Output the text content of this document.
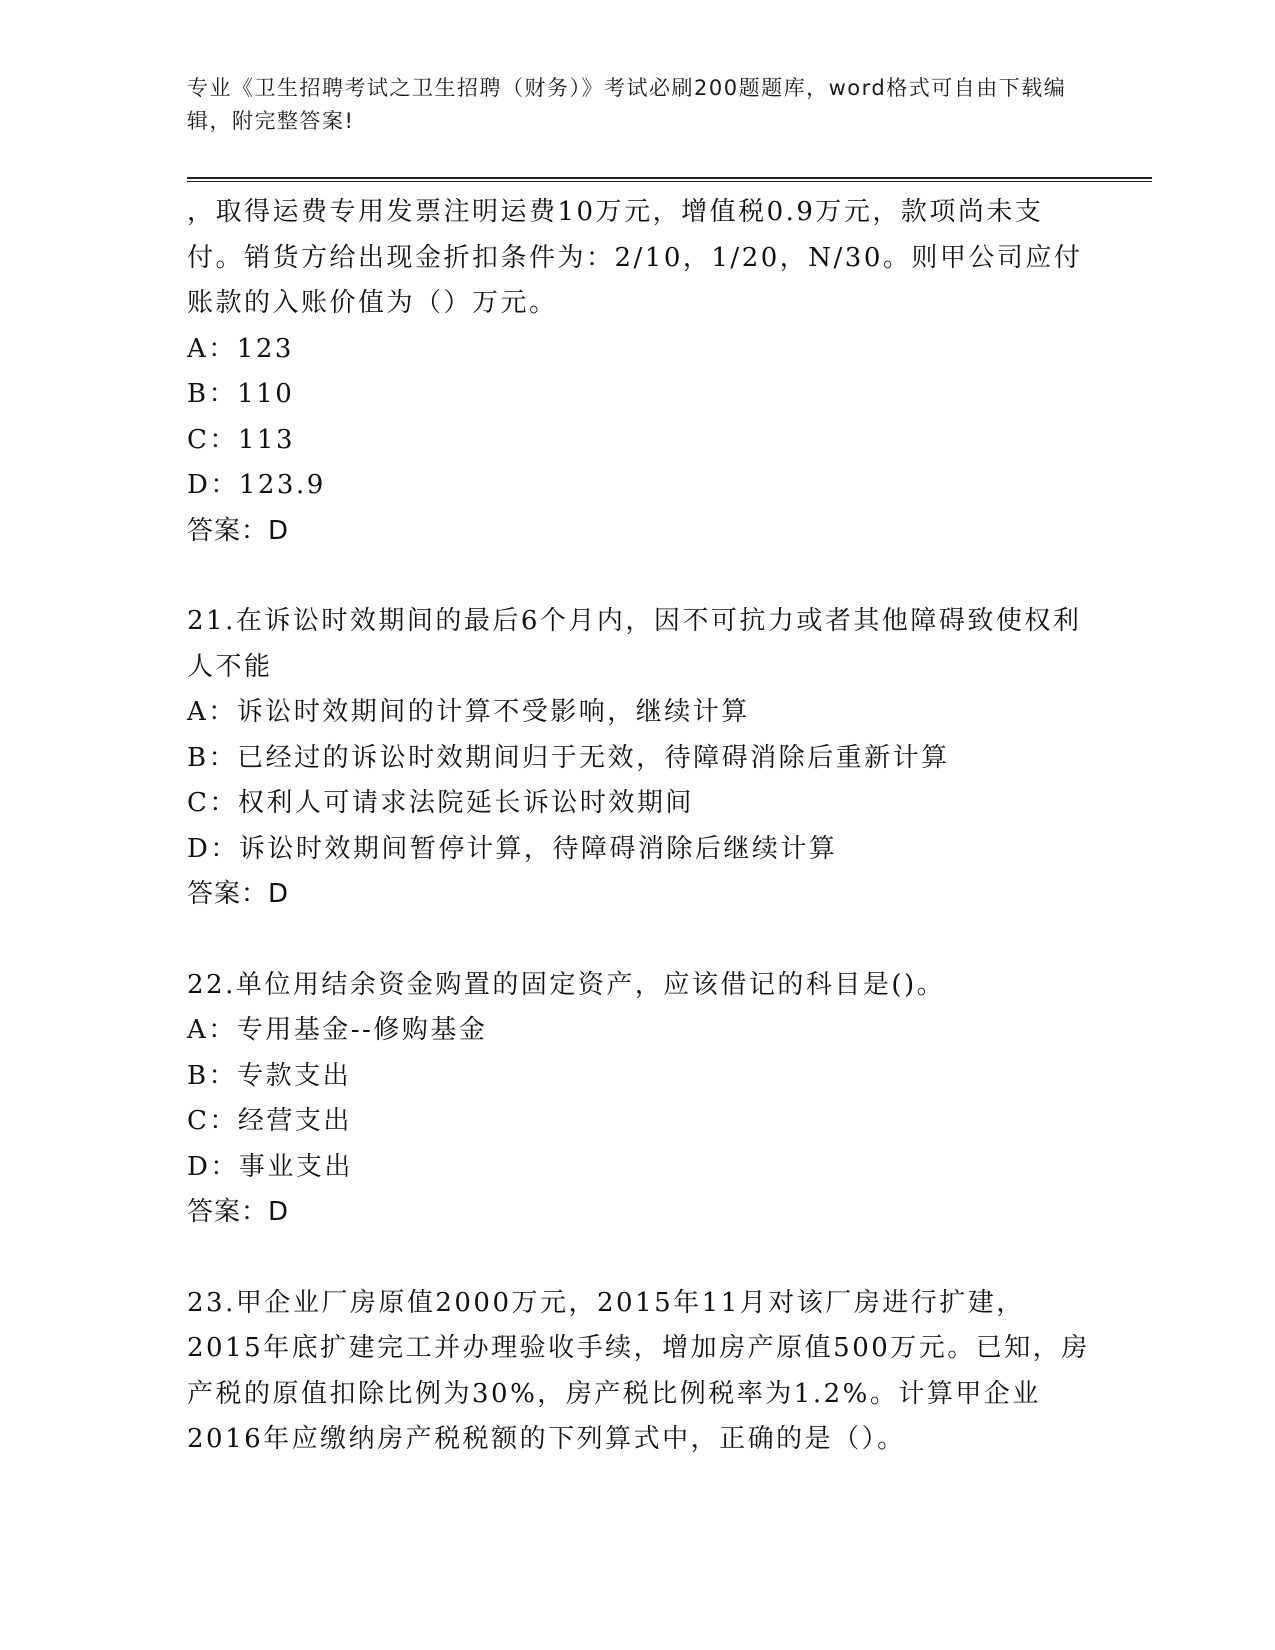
专业《卫生招聘考试之卫生招聘（财务）》考试必刷200题题库，word格式可自由下载编辑，附完整答案!

，取得运费专用发票注明运费10万元，增值税0.9万元，款项尚未支付。销货方给出现金折扣条件为：2/10，1/20，N/30。则甲公司应付账款的入账价值为（）万元。

A：123

B：110

C：113

D：123.9

答案：D

21.在诉讼时效期间的最后6个月内，因不可抗力或者其他障碍致使权利人不能

A：诉讼时效期间的计算不受影响，继续计算

B：已经过的诉讼时效期间归于无效，待障碍消除后重新计算

C：权利人可请求法院延长诉讼时效期间

D：诉讼时效期间暂停计算，待障碍消除后继续计算

答案：D

22.单位用结余资金购置的固定资产，应该借记的科目是()。

A：专用基金--修购基金

B：专款支出

C：经营支出

D：事业支出

答案：D

23.甲企业厂房原值2000万元，2015年11月对该厂房进行扩建，2015年底扩建完工并办理验收手续，增加房产原值500万元。已知，房产税的原值扣除比例为30%，房产税比例税率为1.2%。计算甲企业2016年应缴纳房产税税额的下列算式中，正确的是（）。
